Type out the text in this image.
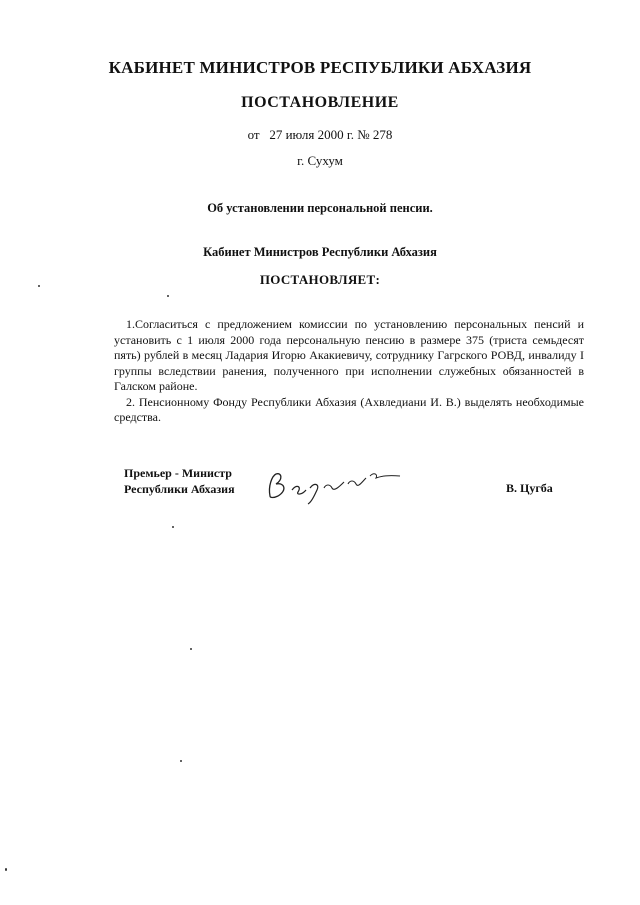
КАБИНЕТ МИНИСТРОВ РЕСПУБЛИКИ АБХАЗИЯ
ПОСТАНОВЛЕНИЕ
от   27 июля 2000 г. № 278
г. Сухум
Об установлении персональной пенсии.
Кабинет Министров Республики Абхазия
ПОСТАНОВЛЯЕТ:

1.Согласиться с предложением комиссии по установлению персональных пенсий и установить с 1 июля 2000 года персональную пенсию в размере 375 (триста семьдесят пять) рублей в месяц Ладария Игорю Акакиевичу, сотруднику Гагрского РОВД, инвалиду I группы вследствии ранения, полученного при исполнении служебных обязанностей в Галском районе.

2. Пенсионному Фонду Республики Абхазия (Ахвледиани И. В.) выделять необходимые средства.

Премьер - Министр
Республики Абхазия	В. Цугба
